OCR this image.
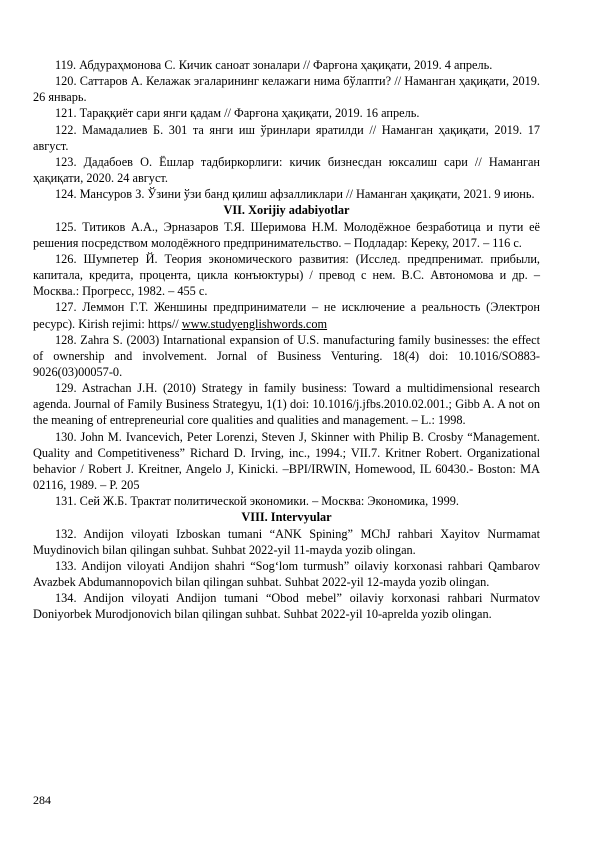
119. Абдураҳмонова С. Кичик саноат зоналари // Фарғона ҳақиқати, 2019. 4 апрель.

120. Саттаров А. Келажак эгаларининг келажаги нима бўлапти? // Наманган ҳақиқати, 2019. 26 январь.

121. Тараққиёт сари янги қадам // Фарғона ҳақиқати, 2019. 16 апрель.

122. Мамадалиев Б. 301 та янги иш ўринлари яратилди // Наманган ҳақиқати, 2019. 17 август.

123. Дадабоев О. Ёшлар тадбиркорлиги: кичик бизнесдан юксалиш сари // Наманган ҳақиқати, 2020. 24 август.

124. Мансуров З. Ўзини ўзи банд қилиш афзалликлари // Наманган ҳақиқати, 2021. 9 июнь.

VII. Xorijiy adabiyotlar

125. Титиков А.А., Эрназаров Т.Я. Шеримова Н.М. Молодёжное безработица и пути её решения посредством молодёжного предпринимательство. – Подладар: Кереку, 2017. – 116 с.

126. Шумпетер Й. Теория экономического развития: (Исслед. предпренимат. прибыли, капитала, кредита, процента, цикла конъюктуры) / превод с нем. В.С. Автономова и др. – Москва.: Прогресс, 1982. – 455 с.

127. Леммон Г.Т. Женшины предприниматели – не исключение а реальность (Электрон ресурс). Kirish rejimi: https// www.studyenglishwords.com

128. Zahra S. (2003) Intarnational expansion of U.S. manufacturing family businesses: the effect of ownership and involvement. Jornal of Business Venturing. 18(4) doi: 10.1016/SO883-9026(03)00057-0.

129. Astrachan J.H. (2010) Strategy in family business: Toward a multidimensional research agenda. Journal of Family Business Strategyu, 1(1) doi: 10.1016/j.jfbs.2010.02.001.; Gibb A. A not on the meaning of entrepreneurial core qualities and qualities and management. – L.: 1998.

130. John M. Ivancevich, Peter Lorenzi, Steven J, Skinner with Philip B. Crosby “Management. Quality and Competitiveness” Richard D. Irving, inc., 1994.; VII.7. Kritner Robert. Organizational behavior / Robert J. Kreitner, Angelo J, Kinicki. –BPI/IRWIN, Homewood, IL 60430.- Boston: MA 02116, 1989. – P. 205

131. Сей Ж.Б. Трактат политической экономики. – Москва: Экономика, 1999.

VIII. Intervyular

132. Andijon viloyati Izboskan tumani “ANK Spining” MChJ rahbari Xayitov Nurmamat Muydinovich bilan qilingan suhbat. Suhbat 2022-yil 11-mayda yozib olingan.

133. Andijon viloyati Andijon shahri “Sog‘lom turmush” oilaviy korxonasi rahbari Qambarov Avazbek Abdumannopovich bilan qilingan suhbat. Suhbat 2022-yil 12-mayda yozib olingan.

134. Andijon viloyati Andijon tumani “Obod mebel” oilaviy korxonasi rahbari Nurmatov Doniyorbek Murodjonovich bilan qilingan suhbat. Suhbat 2022-yil 10-aprelda yozib olingan.

284
